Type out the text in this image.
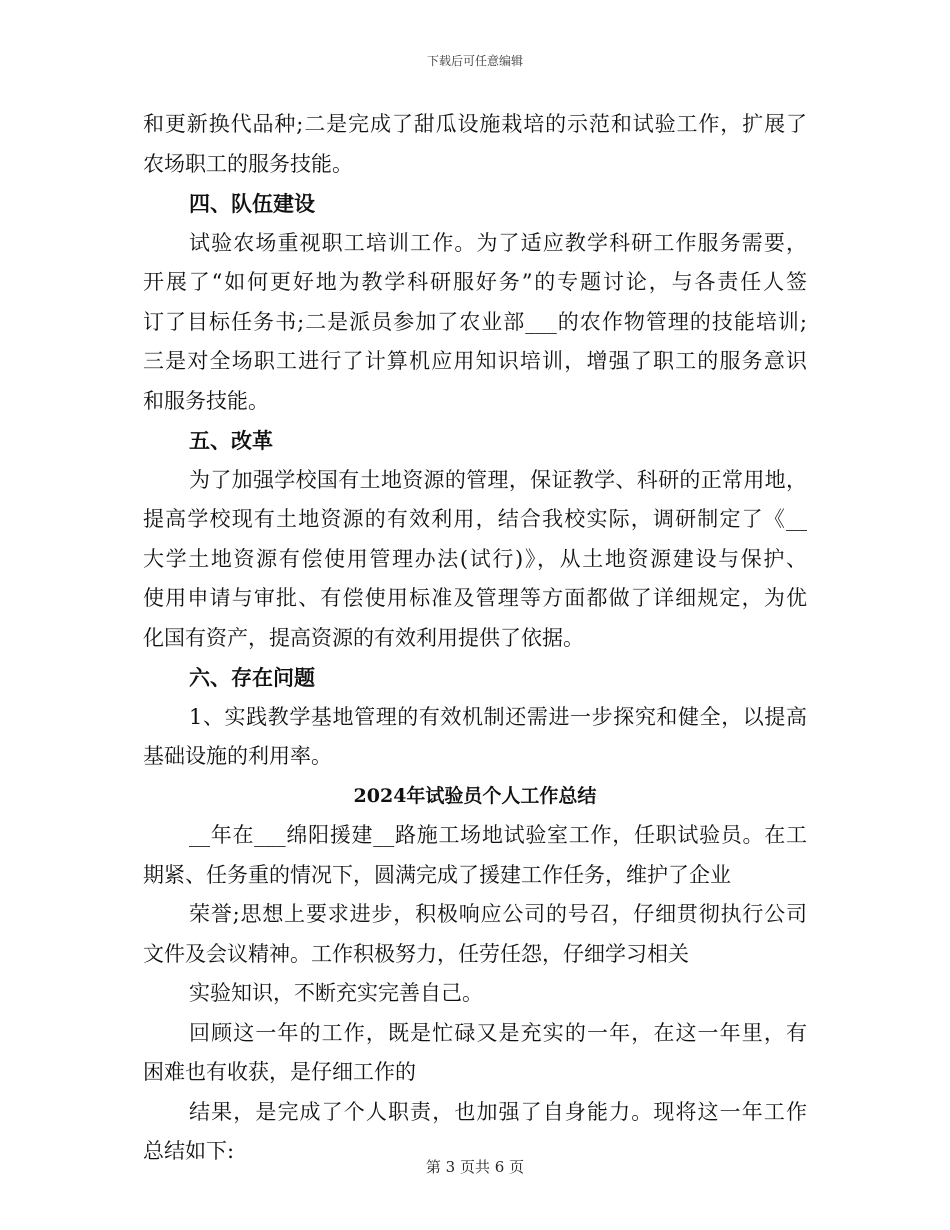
下载后可任意编辑
和更新换代品种;二是完成了甜瓜设施栽培的示范和试验工作，扩展了
农场职工的服务技能。
四、队伍建设
试验农场重视职工培训工作。为了适应教学科研工作服务需要，
开展了“如何更好地为教学科研服好务”的专题讨论，与各责任人签
订了目标任务书;二是派员参加了农业部___的农作物管理的技能培训;
三是对全场职工进行了计算机应用知识培训，增强了职工的服务意识
和服务技能。
五、改革
为了加强学校国有土地资源的管理，保证教学、科研的正常用地，
提高学校现有土地资源的有效利用，结合我校实际，调研制定了《__
大学土地资源有偿使用管理办法(试行)》，从土地资源建设与保护、
使用申请与审批、有偿使用标准及管理等方面都做了详细规定，为优
化国有资产，提高资源的有效利用提供了依据。
六、存在问题
1、实践教学基地管理的有效机制还需进一步探究和健全，以提高
基础设施的利用率。
2024年试验员个人工作总结
__年在___绵阳援建__路施工场地试验室工作，任职试验员。在工
期紧、任务重的情况下，圆满完成了援建工作任务，维护了企业
荣誉;思想上要求进步，积极响应公司的号召，仔细贯彻执行公司
文件及会议精神。工作积极努力，任劳任怨，仔细学习相关
实验知识，不断充实完善自己。
回顾这一年的工作，既是忙碌又是充实的一年，在这一年里，有
困难也有收获，是仔细工作的
结果，是完成了个人职责，也加强了自身能力。现将这一年工作
总结如下:
第 3 页共 6 页
